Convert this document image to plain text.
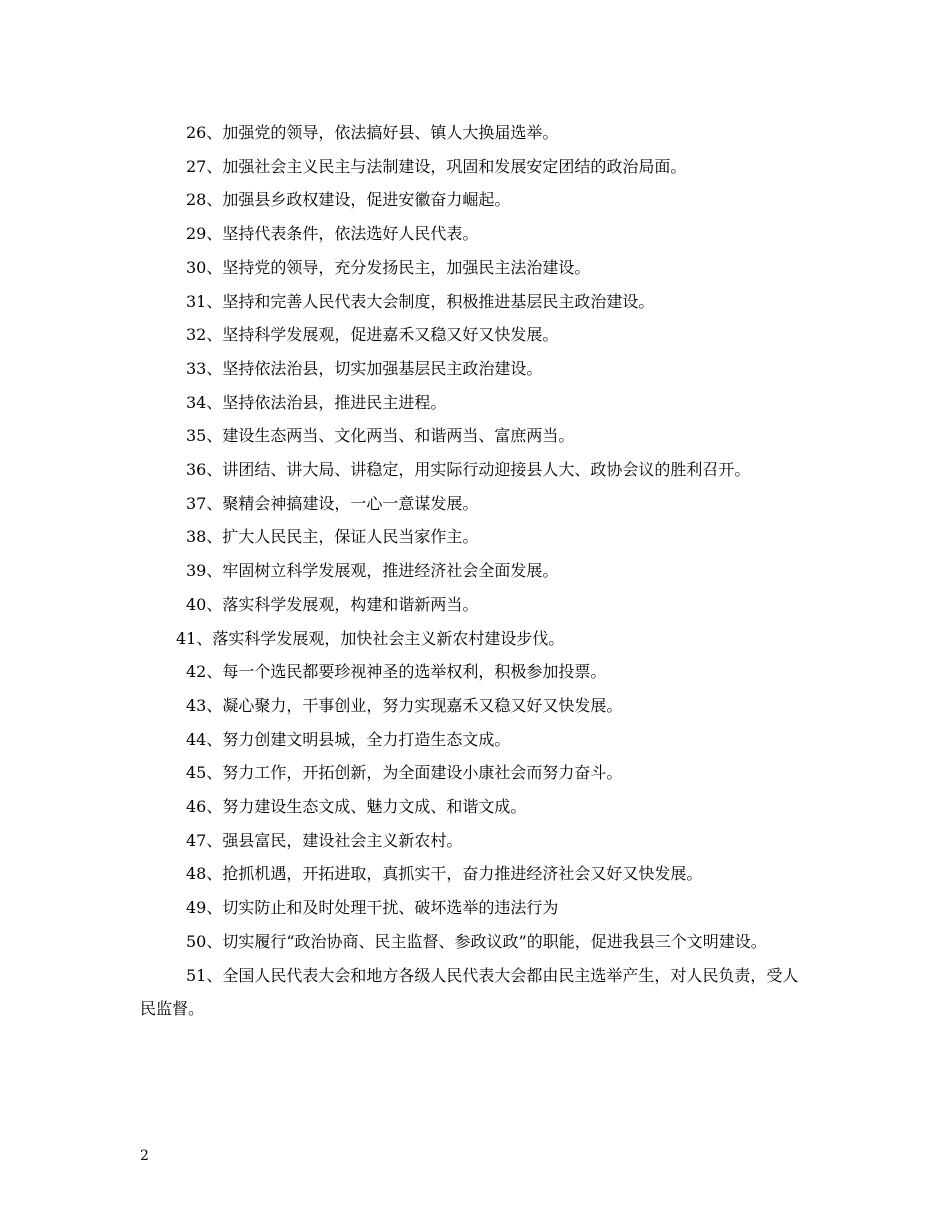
26、加强党的领导，依法搞好县、镇人大换届选举。

27、加强社会主义民主与法制建设，巩固和发展安定团结的政治局面。

28、加强县乡政权建设，促进安徽奋力崛起。

29、坚持代表条件，依法选好人民代表。

30、坚持党的领导，充分发扬民主，加强民主法治建设。

31、坚持和完善人民代表大会制度，积极推进基层民主政治建设。

32、坚持科学发展观，促进嘉禾又稳又好又快发展。

33、坚持依法治县，切实加强基层民主政治建设。

34、坚持依法治县，推进民主进程。

35、建设生态两当、文化两当、和谐两当、富庶两当。

36、讲团结、讲大局、讲稳定，用实际行动迎接县人大、政协会议的胜利召开。

37、聚精会神搞建设，一心一意谋发展。

38、扩大人民民主，保证人民当家作主。

39、牢固树立科学发展观，推进经济社会全面发展。

40、落实科学发展观，构建和谐新两当。

41、落实科学发展观，加快社会主义新农村建设步伐。

42、每一个选民都要珍视神圣的选举权利，积极参加投票。

43、凝心聚力，干事创业，努力实现嘉禾又稳又好又快发展。

44、努力创建文明县城，全力打造生态文成。

45、努力工作，开拓创新，为全面建设小康社会而努力奋斗。

46、努力建设生态文成、魅力文成、和谐文成。

47、强县富民，建设社会主义新农村。

48、抢抓机遇，开拓进取，真抓实干，奋力推进经济社会又好又快发展。

49、切实防止和及时处理干扰、破坏选举的违法行为

50、切实履行“政治协商、民主监督、参政议政”的职能，促进我县三个文明建设。

51、全国人民代表大会和地方各级人民代表大会都由民主选举产生，对人民负责，受人民监督。

2
